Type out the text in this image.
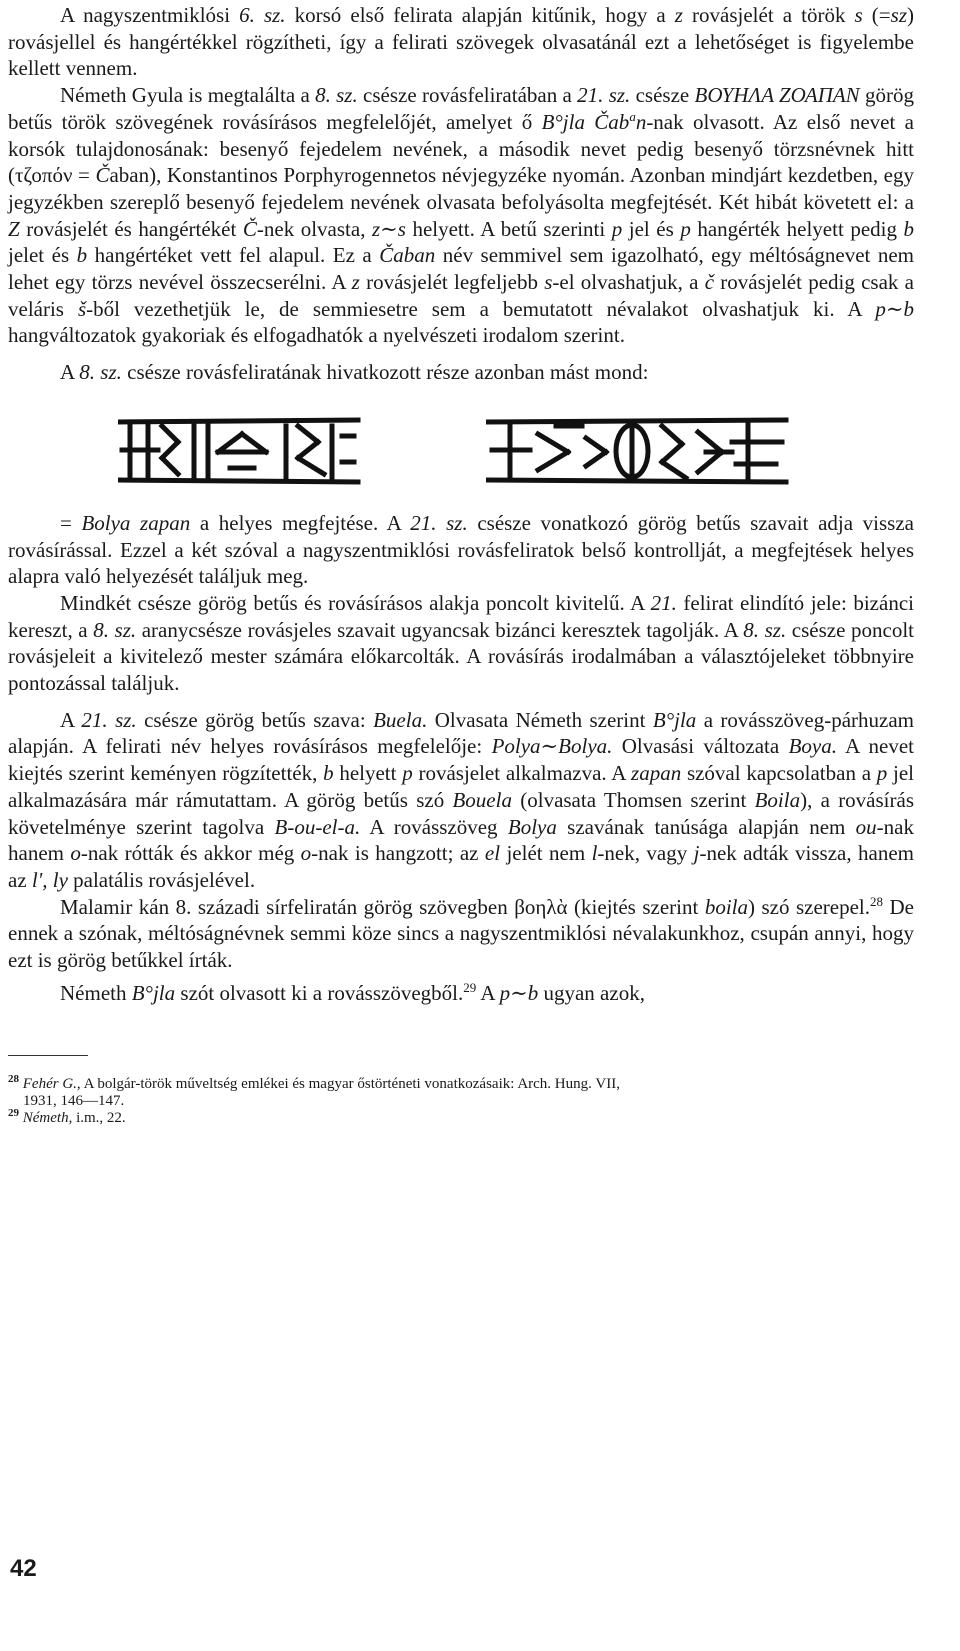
A nagyszentmiklósi 6. sz. korsó első felirata alapján kitűnik, hogy a z rovásjelét a török s (=sz) rovásjellel és hangértékkel rögzítheti, így a felirati szövegek olvasatánál ezt a lehetőséget is figyelembe kellett vennem.

Németh Gyula is megtalálta a 8. sz. csésze rovásfeliratában a 21. sz. csésze ΒΟΥΗΛΑ ΖΟΑΠΑΝ görög betűs török szövegének rovásírásos megfelelőjét, amelyet ő B°jla Čab$^a$n-nak olvasott. Az első nevet a korsók tulajdonosának: besenyő fejedelem nevének, a második nevet pedig besenyő törzsnévnek hitt (τζοπόν = Čaban), Konstantinos Porphyrogennetos névjegyzéke nyomán. Azonban mindjárt kezdetben, egy jegyzékben szereplő besenyő fejedelem nevének olvasata befolyásolta megfejtését. Két hibát követett el: a Z rovásjelét és hangértékét Č-nek olvasta, z∼s helyett. A betű szerinti p jel és p hangérték helyett pedig b jelet és b hangértéket vett fel alapul. Ez a Čaban név semmivel sem igazolható, egy méltóságnevet nem lehet egy törzs nevével összecserélni. A z rovásjelét legfeljebb s-el olvashatjuk, a č rovásjelét pedig csak a veláris š-ből vezethetjük le, de semmiesetre sem a bemutatott névalakot olvashatjuk ki. A p∼b hangváltozatok gyakoriak és elfogadhatók a nyelvészeti irodalom szerint.

A 8. sz. csésze rovásfeliratának hivatkozott része azonban mást mond:

= Bolya zapan a helyes megfejtése. A 21. sz. csésze vonatkozó görög betűs szavait adja vissza rovásírással. Ezzel a két szóval a nagyszentmiklósi rovásfeliratok belső kontrollját, a megfejtések helyes alapra való helyezését találjuk meg.

Mindkét csésze görög betűs és rovásírásos alakja poncolt kivitelű. A 21. felirat elindító jele: bizánci kereszt, a 8. sz. aranycsésze rovásjeles szavait ugyancsak bizánci keresztek tagolják. A 8. sz. csésze poncolt rovásjeleit a kivitelező mester számára előkarcolták. A rovásírás irodalmában a választójeleket többnyire pontozással találjuk.

A 21. sz. csésze görög betűs szava: Buela. Olvasata Németh szerint B°jla a rovásszöveg-párhuzam alapján. A felirati név helyes rovásírásos megfelelője: Polya∼Bolya. Olvasási változata Boya. A nevet kiejtés szerint keményen rögzítették, b helyett p rovásjelet alkalmazva. A zapan szóval kapcsolatban a p jel alkalmazására már rámutattam. A görög betűs szó Bouela (olvasata Thomsen szerint Boila), a rovásírás követelménye szerint tagolva B-ou-el-a. A rovásszöveg Bolya szavának tanúsága alapján nem ou-nak hanem o-nak rótták és akkor még o-nak is hangzott; az el jelét nem l-nek, vagy j-nek adták vissza, hanem az l', ly palatális rovásjelével.

Malamir kán 8. századi sírfeliratán görög szövegben βοηλὰ (kiejtés szerint boila) szó szerepel.$^{28}$ De ennek a szónak, méltóságnévnek semmi köze sincs a nagyszentmiklósi névalakunkhoz, csupán annyi, hogy ezt is görög betűkkel írták.

Németh B°jla szót olvasott ki a rovásszövegből.$^{29}$ A p∼b ugyan azok,

$^{28}$ Fehér G., A bolgár-török műveltség emlékei és magyar őstörténeti vonatkozásaik: Arch. Hung. VII,
1931, 146—147.

$^{29}$ Németh, i.m., 22.

42
